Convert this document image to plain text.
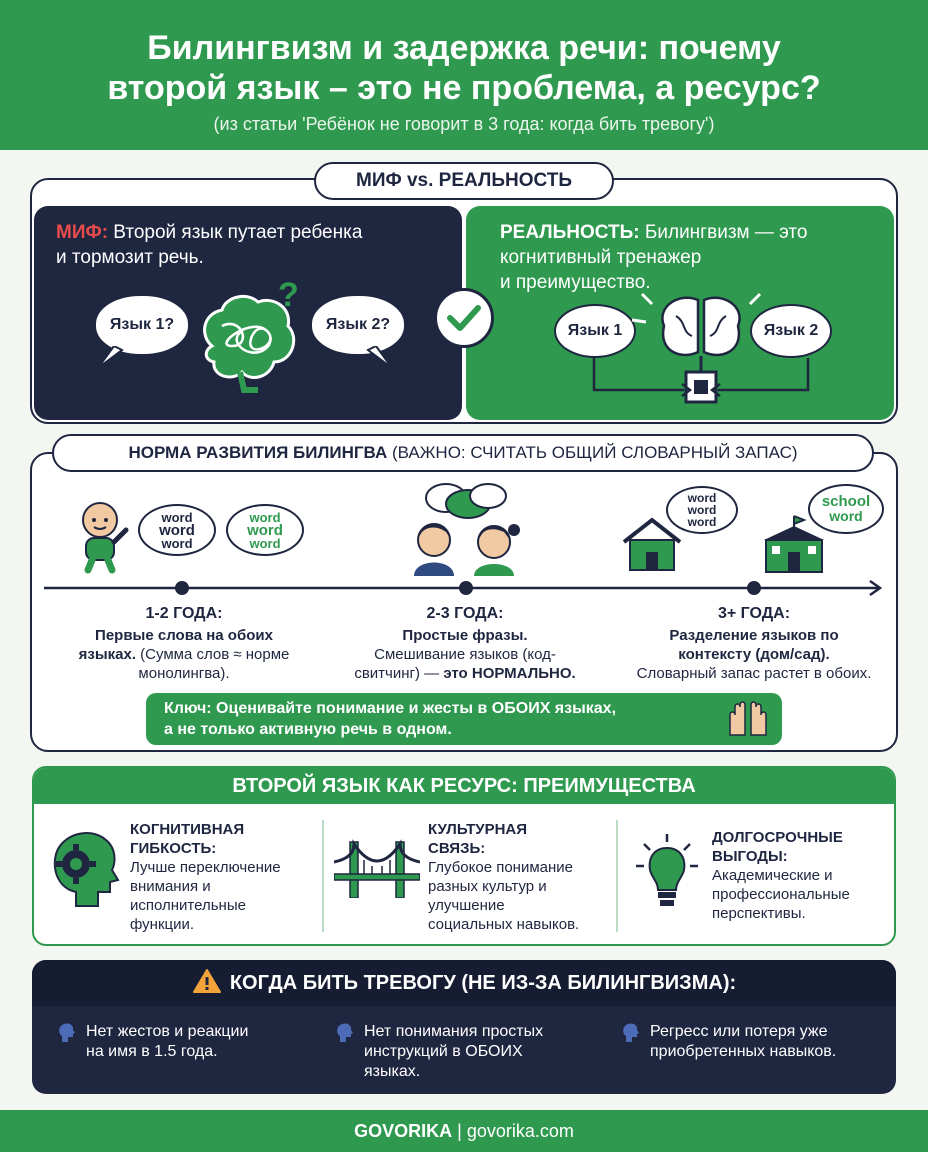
Билингвизм и задержка речи: почему
второй язык – это не проблема, а ресурс?
(из статьи 'Ребёнок не говорит в 3 года: когда бить тревогу')
МИФ: Второй язык путает ребенка
и тормозит речь.
Язык 1?
?
Язык 2?
РЕАЛЬНОСТЬ: Билингвизм — это
когнитивный тренажер
и преимущество.
Язык 1	Язык 2
МИФ vs. РЕАЛЬНОСТЬ
НОРМА РАЗВИТИЯ БИЛИНГВА (ВАЖНО: СЧИТАТЬ ОБЩИЙ СЛОВАРНЫЙ ЗАПАС)
word
word
word
word
word
word
word
word
word
school
word
1-2 ГОДА:
Первые слова на обоих
языках. (Сумма слов ≈ норме
монолингва).
2-3 ГОДА:
Простые фразы.
Смешивание языков (код-
свитчинг) — это НОРМАЛЬНО.
3+ ГОДА:
Разделение языков по
контексту (дом/сад).
Словарный запас растет в обоих.
Ключ: Оценивайте понимание и жесты в ОБОИХ языках,
а не только активную речь в одном.
ВТОРОЙ ЯЗЫК КАК РЕСУРС: ПРЕИМУЩЕСТВА
КОГНИТИВНАЯ
ГИБКОСТЬ:
Лучше переключение
внимания и
исполнительные
функции.
КУЛЬТУРНАЯ
СВЯЗЬ:
Глубокое понимание
разных культур и
улучшение
социальных навыков.
ДОЛГОСРОЧНЫЕ
ВЫГОДЫ:
Академические и
профессиональные
перспективы.
КОГДА БИТЬ ТРЕВОГУ (НЕ ИЗ-ЗА БИЛИНГВИЗМА):
Нет жестов и реакции
на имя в 1.5 года.
Нет понимания простых
инструкций в ОБОИХ
языках.
Регресс или потеря уже
приобретенных навыков.
GOVORIKA | govorika.com
